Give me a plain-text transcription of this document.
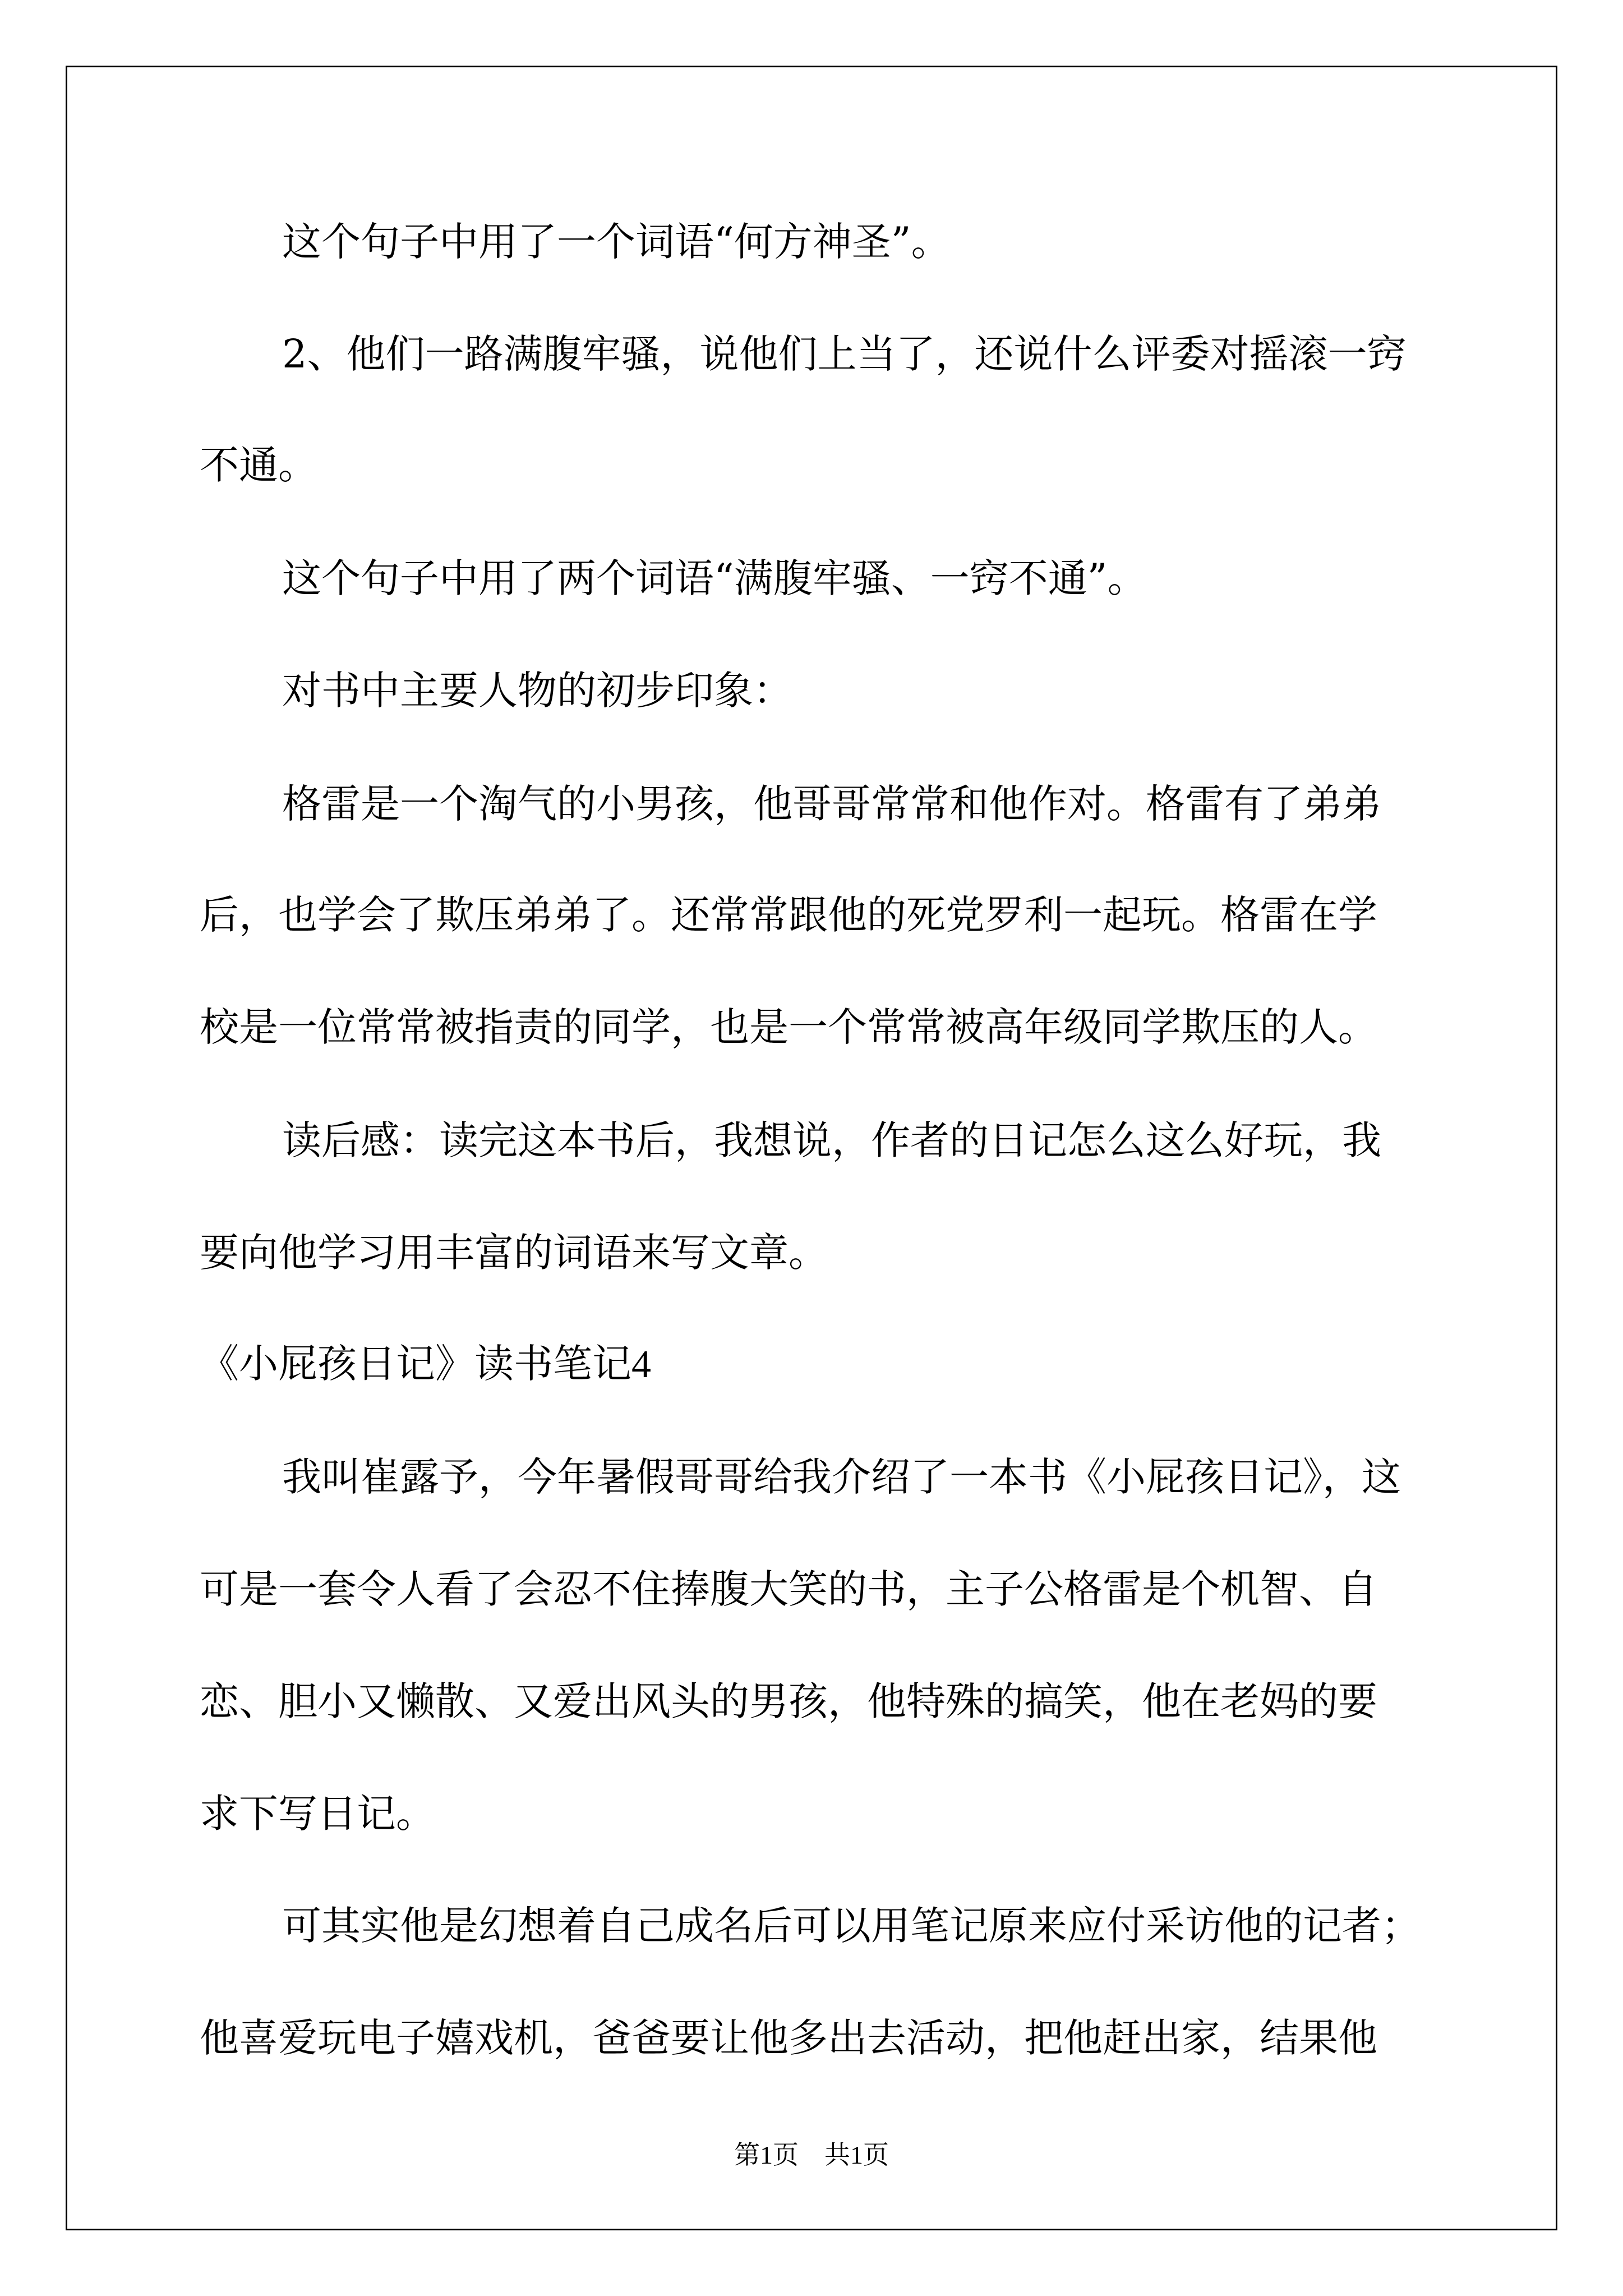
这个句子中用了一个词语“何方神圣”。
2、他们一路满腹牢骚，说他们上当了，还说什么评委对摇滚一窍
不通。
这个句子中用了两个词语“满腹牢骚、一窍不通”。
对书中主要人物的初步印象：
格雷是一个淘气的小男孩，他哥哥常常和他作对。格雷有了弟弟
后，也学会了欺压弟弟了。还常常跟他的死党罗利一起玩。格雷在学
校是一位常常被指责的同学，也是一个常常被高年级同学欺压的人。
读后感：读完这本书后，我想说，作者的日记怎么这么好玩，我
要向他学习用丰富的词语来写文章。
《小屁孩日记》读书笔记4
我叫崔露予，今年暑假哥哥给我介绍了一本书《小屁孩日记》，这
可是一套令人看了会忍不住捧腹大笑的书，主子公格雷是个机智、自
恋、胆小又懒散、又爱出风头的男孩，他特殊的搞笑，他在老妈的要
求下写日记。
可其实他是幻想着自己成名后可以用笔记原来应付采访他的记者；
他喜爱玩电子嬉戏机，爸爸要让他多出去活动，把他赶出家，结果他
第1页　共1页
